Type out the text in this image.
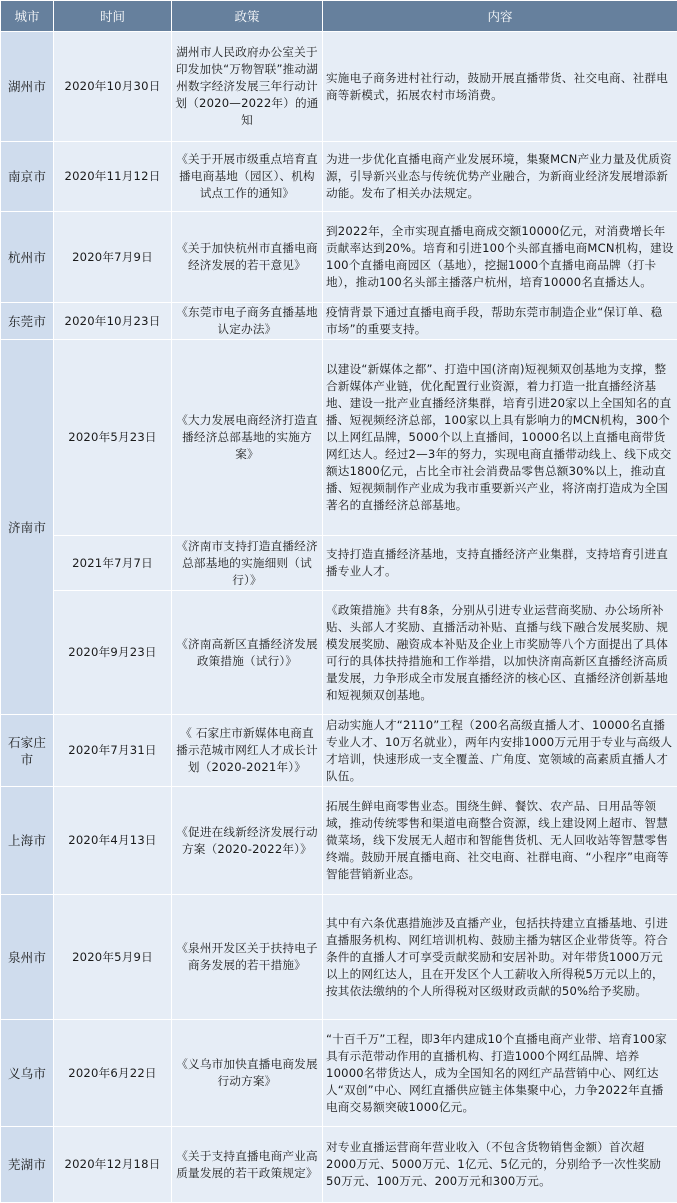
城市	时间	政策	内容
湖州市	2020年10月30日	湖州市人民政府办公室关于印发加快“万物智联”推动湖州数字经济发展三年行动计划（2020—2022年）的通知	实施电子商务进村社行动，鼓励开展直播带货、社交电商、社群电商等新模式，拓展农村市场消费。
南京市	2020年11月12日	《关于开展市级重点培育直播电商基地（园区）、机构试点工作的通知》	为进一步优化直播电商产业发展环境，集聚MCN产业力量及优质资源，引导新兴业态与传统优势产业融合，为新商业经济发展增添新动能。发布了相关办法规定。
杭州市	2020年7月9日	《关于加快杭州市直播电商经济发展的若干意见》	到2022年，全市实现直播电商成交额10000亿元，对消费增长年贡献率达到20%。培育和引进100个头部直播电商MCN机构，建设100个直播电商园区（基地），挖掘1000个直播电商品牌（打卡地），推动100名头部主播落户杭州，培育10000名直播达人。
东莞市	2020年10月23日	《东莞市电子商务直播基地认定办法》	疫情背景下通过直播电商手段，帮助东莞市制造企业“保订单、稳市场”的重要支持。
济南市	2020年5月23日	《大力发展电商经济打造直播经济总部基地的实施方案》	以建设“新媒体之都”、打造中国(济南)短视频双创基地为支撑，整合新媒体产业链，优化配置行业资源，着力打造一批直播经济基地、建设一批产业直播经济集群，培育引进20家以上全国知名的直播、短视频经济总部，100家以上具有影响力的MCN机构，300个以上网红品牌，5000个以上直播间，10000名以上直播电商带货网红达人。经过2—3年的努力，实现电商直播带动线上、线下成交额达1800亿元，占比全市社会消费品零售总额30%以上，推动直播、短视频制作产业成为我市重要新兴产业，将济南打造成为全国著名的直播经济总部基地。
	2021年7月7日	《济南市支持打造直播经济总部基地的实施细则（试行）》	支持打造直播经济基地，支持直播经济产业集群，支持培育引进直播专业人才。
	2020年9月23日	《济南高新区直播经济发展政策措施（试行）》	《政策措施》共有8条，分别从引进专业运营商奖励、办公场所补贴、头部人才奖励、直播活动补贴、直播与线下融合发展奖励、规模发展奖励、融资成本补贴及企业上市奖励等八个方面提出了具体可行的具体扶持措施和工作举措，以加快济南高新区直播经济高质量发展，力争形成全市发展直播经济的核心区、直播经济创新基地和短视频双创基地。
石家庄市	2020年7月31日	《 石家庄市新媒体电商直播示范城市网红人才成长计划（2020-2021年）》	启动实施人才“2110”工程（200名高级直播人才、10000名直播专业人才、10万名就业），两年内安排1000万元用于专业与高级人才培训，快速形成一支全覆盖、广角度、宽领域的高素质直播人才队伍。
上海市	2020年4月13日	《促进在线新经济发展行动方案（2020-2022年）》	拓展生鲜电商零售业态。围绕生鲜、餐饮、农产品、日用品等领域，推动传统零售和渠道电商整合资源，线上建设网上超市、智慧微菜场，线下发展无人超市和智能售货机、无人回收站等智慧零售终端。鼓励开展直播电商、社交电商、社群电商、“小程序”电商等智能营销新业态。
泉州市	2020年5月9日	《泉州开发区关于扶持电子商务发展的若干措施》	其中有六条优惠措施涉及直播产业，包括扶持建立直播基地、引进直播服务机构、网红培训机构、鼓励主播为辖区企业带货等。符合条件的直播人才可享受贡献奖励和安居补助。对年带货1000万元以上的网红达人，且在开发区个人工薪收入所得税5万元以上的，按其依法缴纳的个人所得税对区级财政贡献的50%给予奖励。
义乌市	2020年6月22日	《义乌市加快直播电商发展行动方案》	“十百千万”工程，即3年内建成10个直播电商产业带、培育100家具有示范带动作用的直播机构、打造1000个网红品牌、培养10000名带货达人，成为全国知名的网红产品营销中心、网红达人“双创”中心、网红直播供应链主体集聚中心，力争2022年直播电商交易额突破1000亿元。
芜湖市	2020年12月18日	《关于支持直播电商产业高质量发展的若干政策规定》	对专业直播运营商年营业收入（不包含货物销售金额）首次超2000万元、5000万元、1亿元、5亿元的，分别给予一次性奖励50万元、100万元、200万元和300万元。
